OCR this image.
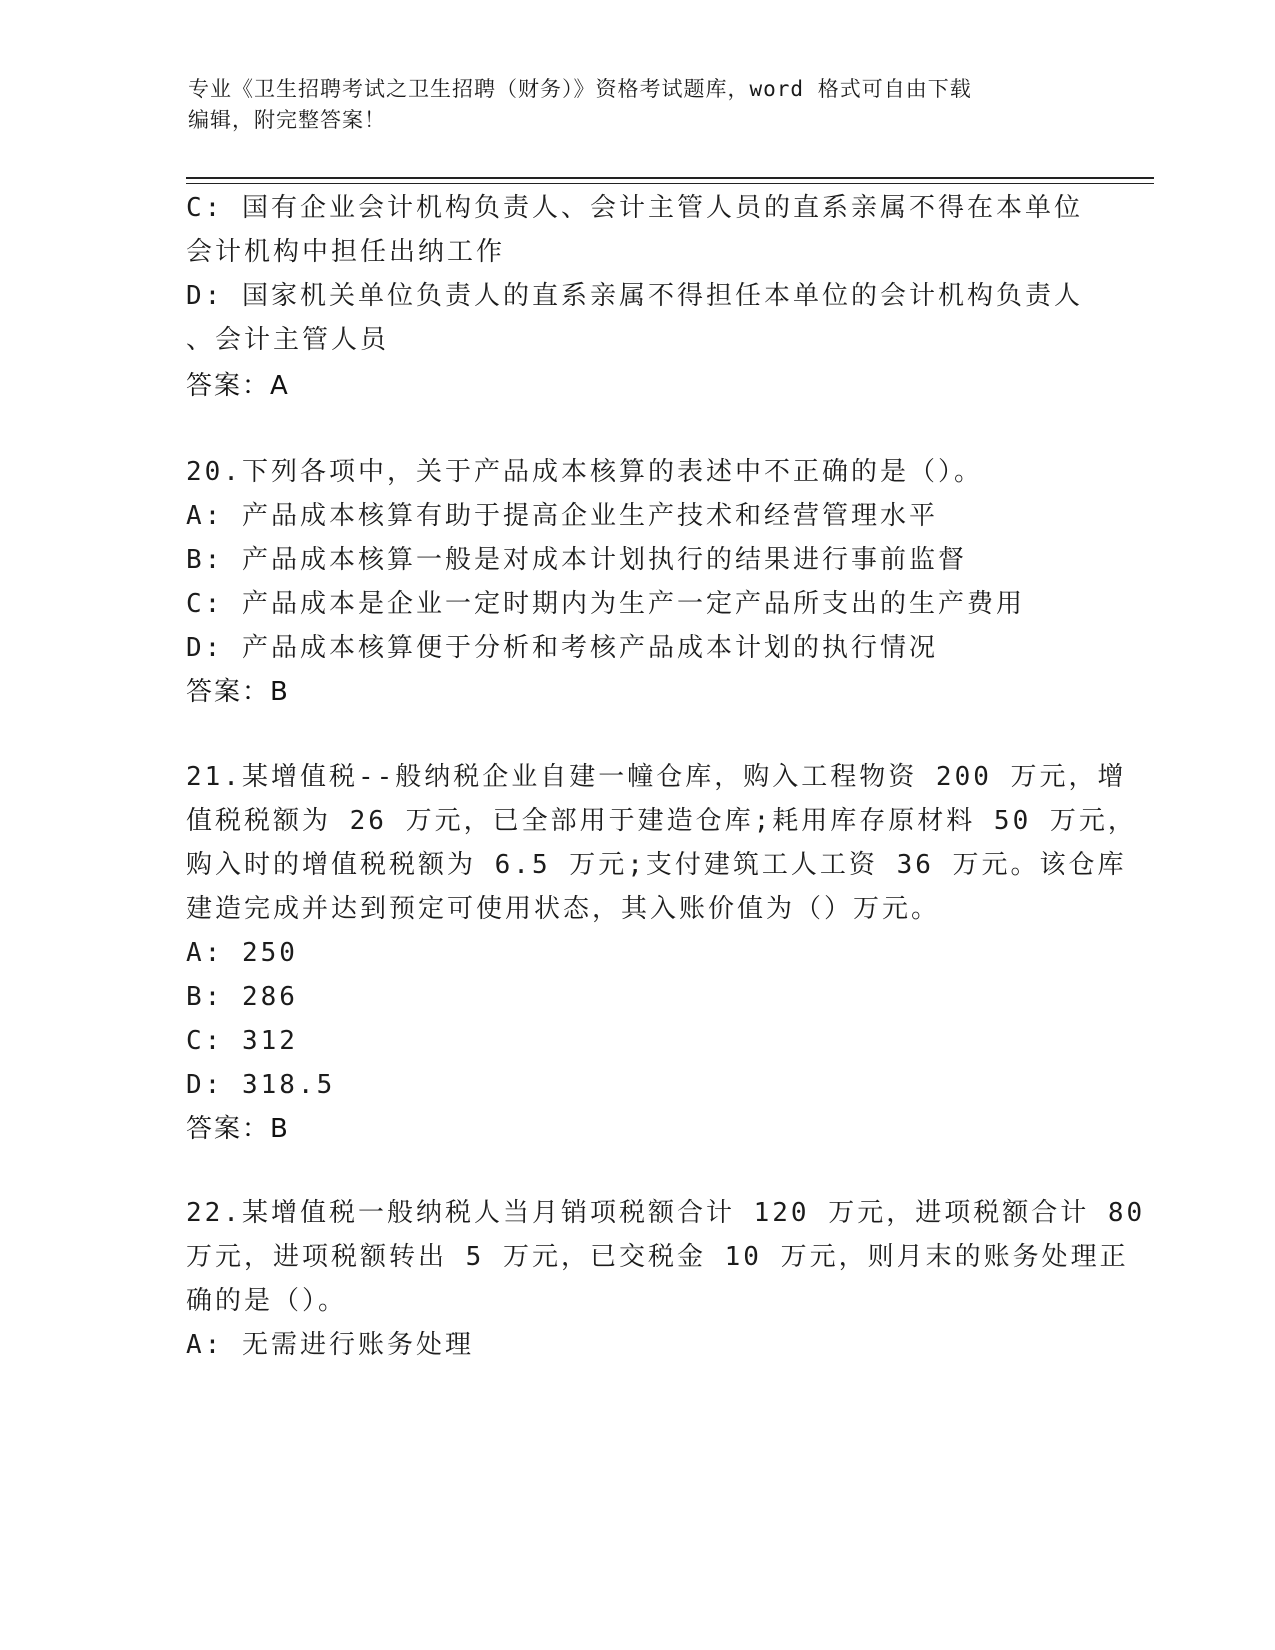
专业《卫生招聘考试之卫生招聘（财务）》资格考试题库，word 格式可自由下载
编辑，附完整答案！
C: 国有企业会计机构负责人、会计主管人员的直系亲属不得在本单位
会计机构中担任出纳工作
D: 国家机关单位负责人的直系亲属不得担任本单位的会计机构负责人
、会计主管人员
答案：A
20.下列各项中，关于产品成本核算的表述中不正确的是（）。
A: 产品成本核算有助于提高企业生产技术和经营管理水平
B: 产品成本核算一般是对成本计划执行的结果进行事前监督
C: 产品成本是企业一定时期内为生产一定产品所支出的生产费用
D: 产品成本核算便于分析和考核产品成本计划的执行情况
答案：B
21.某增值税--般纳税企业自建一幢仓库，购入工程物资 200 万元，增
值税税额为 26 万元，已全部用于建造仓库;耗用库存原材料 50 万元，
购入时的增值税税额为 6.5 万元;支付建筑工人工资 36 万元。该仓库
建造完成并达到预定可使用状态，其入账价值为（）万元。
A: 250
B: 286
C: 312
D: 318.5
答案：B
22.某增值税一般纳税人当月销项税额合计 120 万元，进项税额合计 80
万元，进项税额转出 5 万元，已交税金 10 万元，则月末的账务处理正
确的是（）。
A: 无需进行账务处理
